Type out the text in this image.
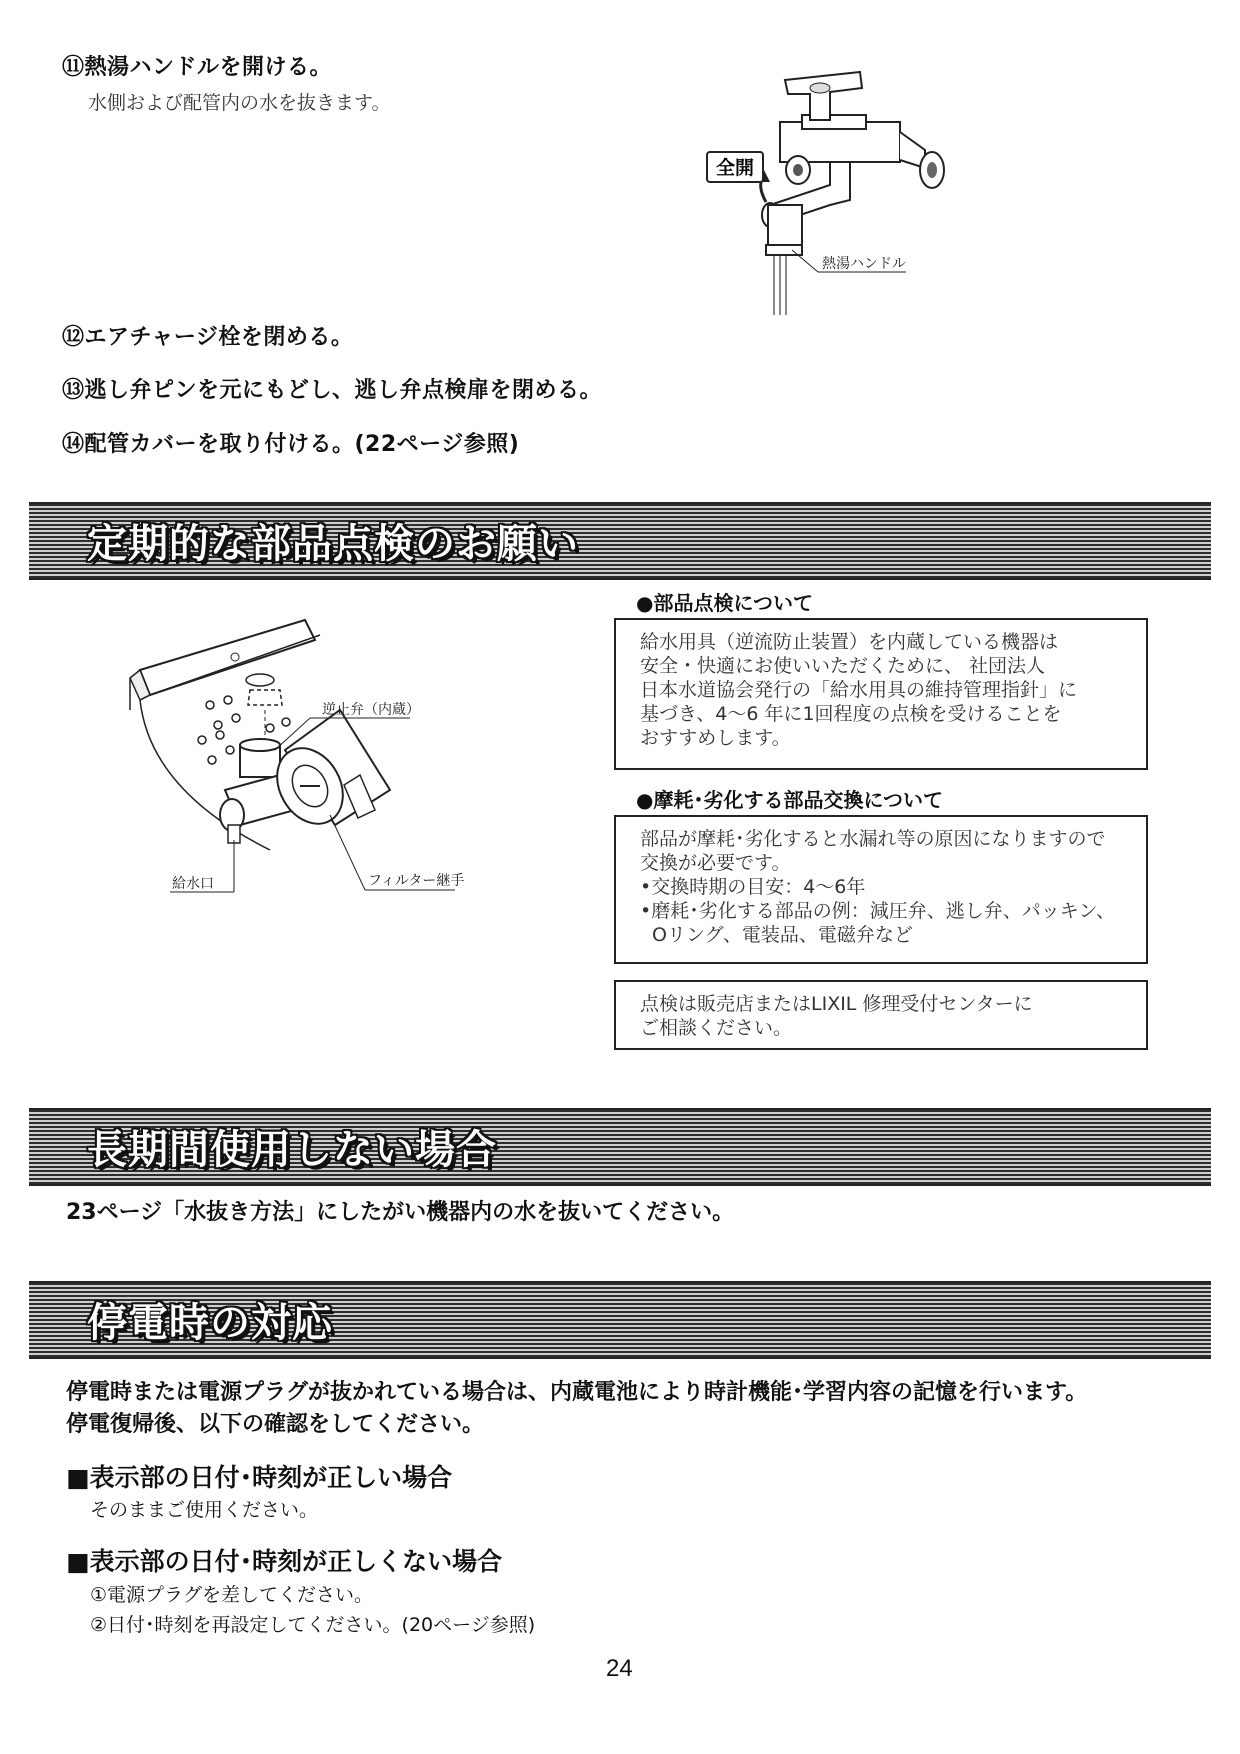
⑪熱湯ハンドルを開ける。
水側および配管内の水を抜きます。
全開
熱湯ハンドル
⑫エアチャージ栓を閉める。
⑬逃し弁ピンを元にもどし、逃し弁点検扉を閉める。
⑭配管カバーを取り付ける。(22ページ参照)
定期的な部品点検のお願い
逆止弁（内蔵）
フィルター継手
給水口
●部品点検について

給水用具（逆流防止装置）を内蔵している機器は

安全・快適にお使いいただくために、 社団法人

日本水道協会発行の「給水用具の維持管理指針」に

基づき、4〜6 年に1回程度の点検を受けることを

おすすめします。

●摩耗･劣化する部品交換について

部品が摩耗･劣化すると水漏れ等の原因になりますので

交換が必要です。

•交換時期の目安：4〜6年

•磨耗･劣化する部品の例：減圧弁、逃し弁、パッキン、

Oリング、電装品、電磁弁など

点検は販売店またはLIXIL 修理受付センターに

ご相談ください。

長期間使用しない場合
23ページ「水抜き方法」にしたがい機器内の水を抜いてください。
停電時の対応
停電時または電源プラグが抜かれている場合は、内蔵電池により時計機能･学習内容の記憶を行います。
停電復帰後、以下の確認をしてください。
■表示部の日付･時刻が正しい場合
そのままご使用ください。
■表示部の日付･時刻が正しくない場合
①電源プラグを差してください。
②日付･時刻を再設定してください。(20ページ参照)
24
